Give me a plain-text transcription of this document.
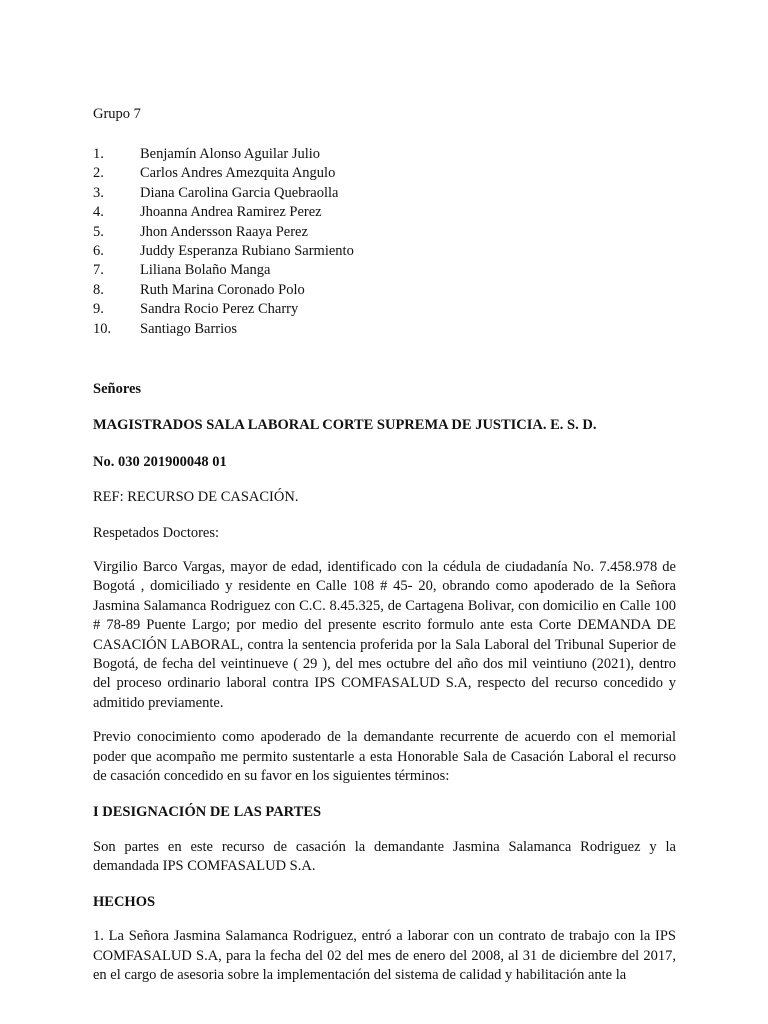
Grupo 7
1. Benjamín Alonso Aguilar Julio
2. Carlos Andres Amezquita Angulo
3. Diana Carolina Garcia Quebraolla
4. Jhoanna Andrea Ramirez Perez
5. Jhon Andersson Raaya Perez
6. Juddy Esperanza Rubiano Sarmiento
7. Liliana Bolaño Manga
8. Ruth Marina Coronado Polo
9. Sandra Rocio Perez Charry
10. Santiago Barrios

Señores

MAGISTRADOS SALA LABORAL CORTE SUPREMA DE JUSTICIA. E. S. D.

No. 030 201900048 01

REF: RECURSO DE CASACIÓN.

Respetados Doctores:

Virgilio Barco Vargas, mayor de edad, identificado con la cédula de ciudadanía No. 7.458.978 de Bogotá , domiciliado y residente en Calle 108 # 45- 20, obrando como apoderado de la Señora Jasmina Salamanca Rodriguez con C.C. 8.45.325, de Cartagena Bolivar, con domicilio en Calle 100 # 78-89 Puente Largo; por medio del presente escrito formulo ante esta Corte DEMANDA DE CASACIÓN LABORAL, contra la sentencia proferida por la Sala Laboral del Tribunal Superior de Bogotá, de fecha del veintinueve ( 29 ), del mes octubre del año dos mil veintiuno (2021), dentro del proceso ordinario laboral contra IPS COMFASALUD S.A, respecto del recurso concedido y admitido previamente.

Previo conocimiento como apoderado de la demandante recurrente de acuerdo con el memorial poder que acompaño me permito sustentarle a esta Honorable Sala de Casación Laboral el recurso de casación concedido en su favor en los siguientes términos:

I DESIGNACIÓN DE LAS PARTES

Son partes en este recurso de casación la demandante Jasmina Salamanca Rodriguez y la demandada IPS COMFASALUD S.A.

HECHOS

1. La Señora Jasmina Salamanca Rodriguez, entró a laborar con un contrato de trabajo con la IPS COMFASALUD S.A, para la fecha del 02 del mes de enero del 2008, al 31 de diciembre del 2017, en el cargo de asesoria sobre la implementación del sistema de calidad y habilitación ante la
